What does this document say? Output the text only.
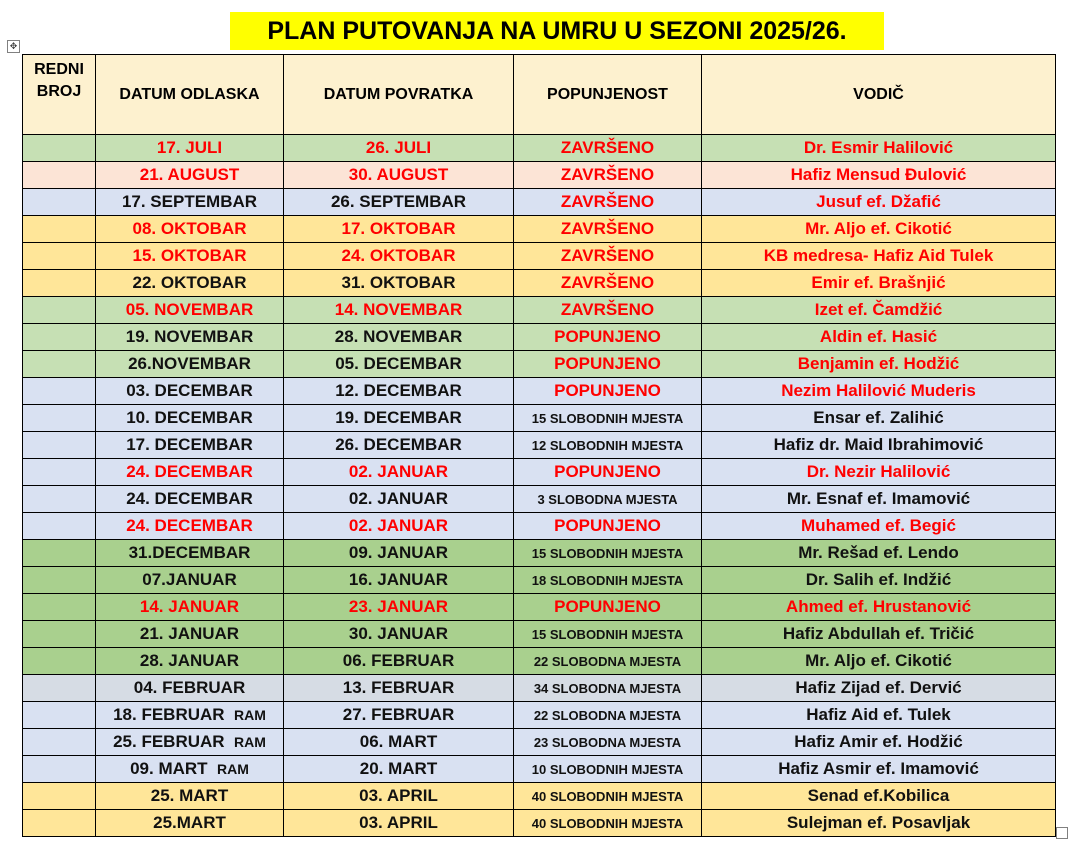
PLAN PUTOVANJA NA UMRU U SEZONI 2025/26.
✥
REDNI BROJ	DATUM ODLASKA	DATUM POVRATKA	POPUNJENOST	VODIČ
	17. JULI	26. JULI	ZAVRŠENO	Dr. Esmir Halilović
	21. AUGUST	30. AUGUST	ZAVRŠENO	Hafiz Mensud Đulović
	17. SEPTEMBAR	26. SEPTEMBAR	ZAVRŠENO	Jusuf ef. Džafić
	08. OKTOBAR	17. OKTOBAR	ZAVRŠENO	Mr. Aljo ef. Cikotić
	15. OKTOBAR	24. OKTOBAR	ZAVRŠENO	KB medresa- Hafiz Aid Tulek
	22. OKTOBAR	31. OKTOBAR	ZAVRŠENO	Emir ef. Brašnjić
	05. NOVEMBAR	14. NOVEMBAR	ZAVRŠENO	Izet ef. Čamdžić
	19. NOVEMBAR	28. NOVEMBAR	POPUNJENO	Aldin ef. Hasić
	26.NOVEMBAR	05. DECEMBAR	POPUNJENO	Benjamin ef. Hodžić
	03. DECEMBAR	12. DECEMBAR	POPUNJENO	Nezim Halilović Muderis
	10. DECEMBAR	19. DECEMBAR	15 SLOBODNIH MJESTA	Ensar ef. Zalihić
	17. DECEMBAR	26. DECEMBAR	12 SLOBODNIH MJESTA	Hafiz dr. Maid Ibrahimović
	24. DECEMBAR	02. JANUAR	POPUNJENO	Dr. Nezir Halilović
	24. DECEMBAR	02. JANUAR	3 SLOBODNA MJESTA	Mr. Esnaf ef. Imamović
	24. DECEMBAR	02. JANUAR	POPUNJENO	Muhamed ef. Begić
	31.DECEMBAR	09. JANUAR	15 SLOBODNIH MJESTA	Mr. Rešad ef. Lendo
	07.JANUAR	16. JANUAR	18 SLOBODNIH MJESTA	Dr. Salih ef. Indžić
	14. JANUAR	23. JANUAR	POPUNJENO	Ahmed ef. Hrustanović
	21. JANUAR	30. JANUAR	15 SLOBODNIH MJESTA	Hafiz Abdullah ef. Tričić
	28. JANUAR	06. FEBRUAR	22 SLOBODNA MJESTA	Mr. Aljo ef. Cikotić
	04. FEBRUAR	13. FEBRUAR	34 SLOBODNA MJESTA	Hafiz Zijad ef. Dervić
	18. FEBRUAR RAM	27. FEBRUAR	22 SLOBODNA MJESTA	Hafiz Aid ef. Tulek
	25. FEBRUAR RAM	06. MART	23 SLOBODNA MJESTA	Hafiz Amir ef. Hodžić
	09. MART RAM	20. MART	10 SLOBODNIH MJESTA	Hafiz Asmir ef. Imamović
	25. MART	03. APRIL	40 SLOBODNIH MJESTA	Senad ef.Kobilica
	25.MART	03. APRIL	40 SLOBODNIH MJESTA	Sulejman ef. Posavljak
